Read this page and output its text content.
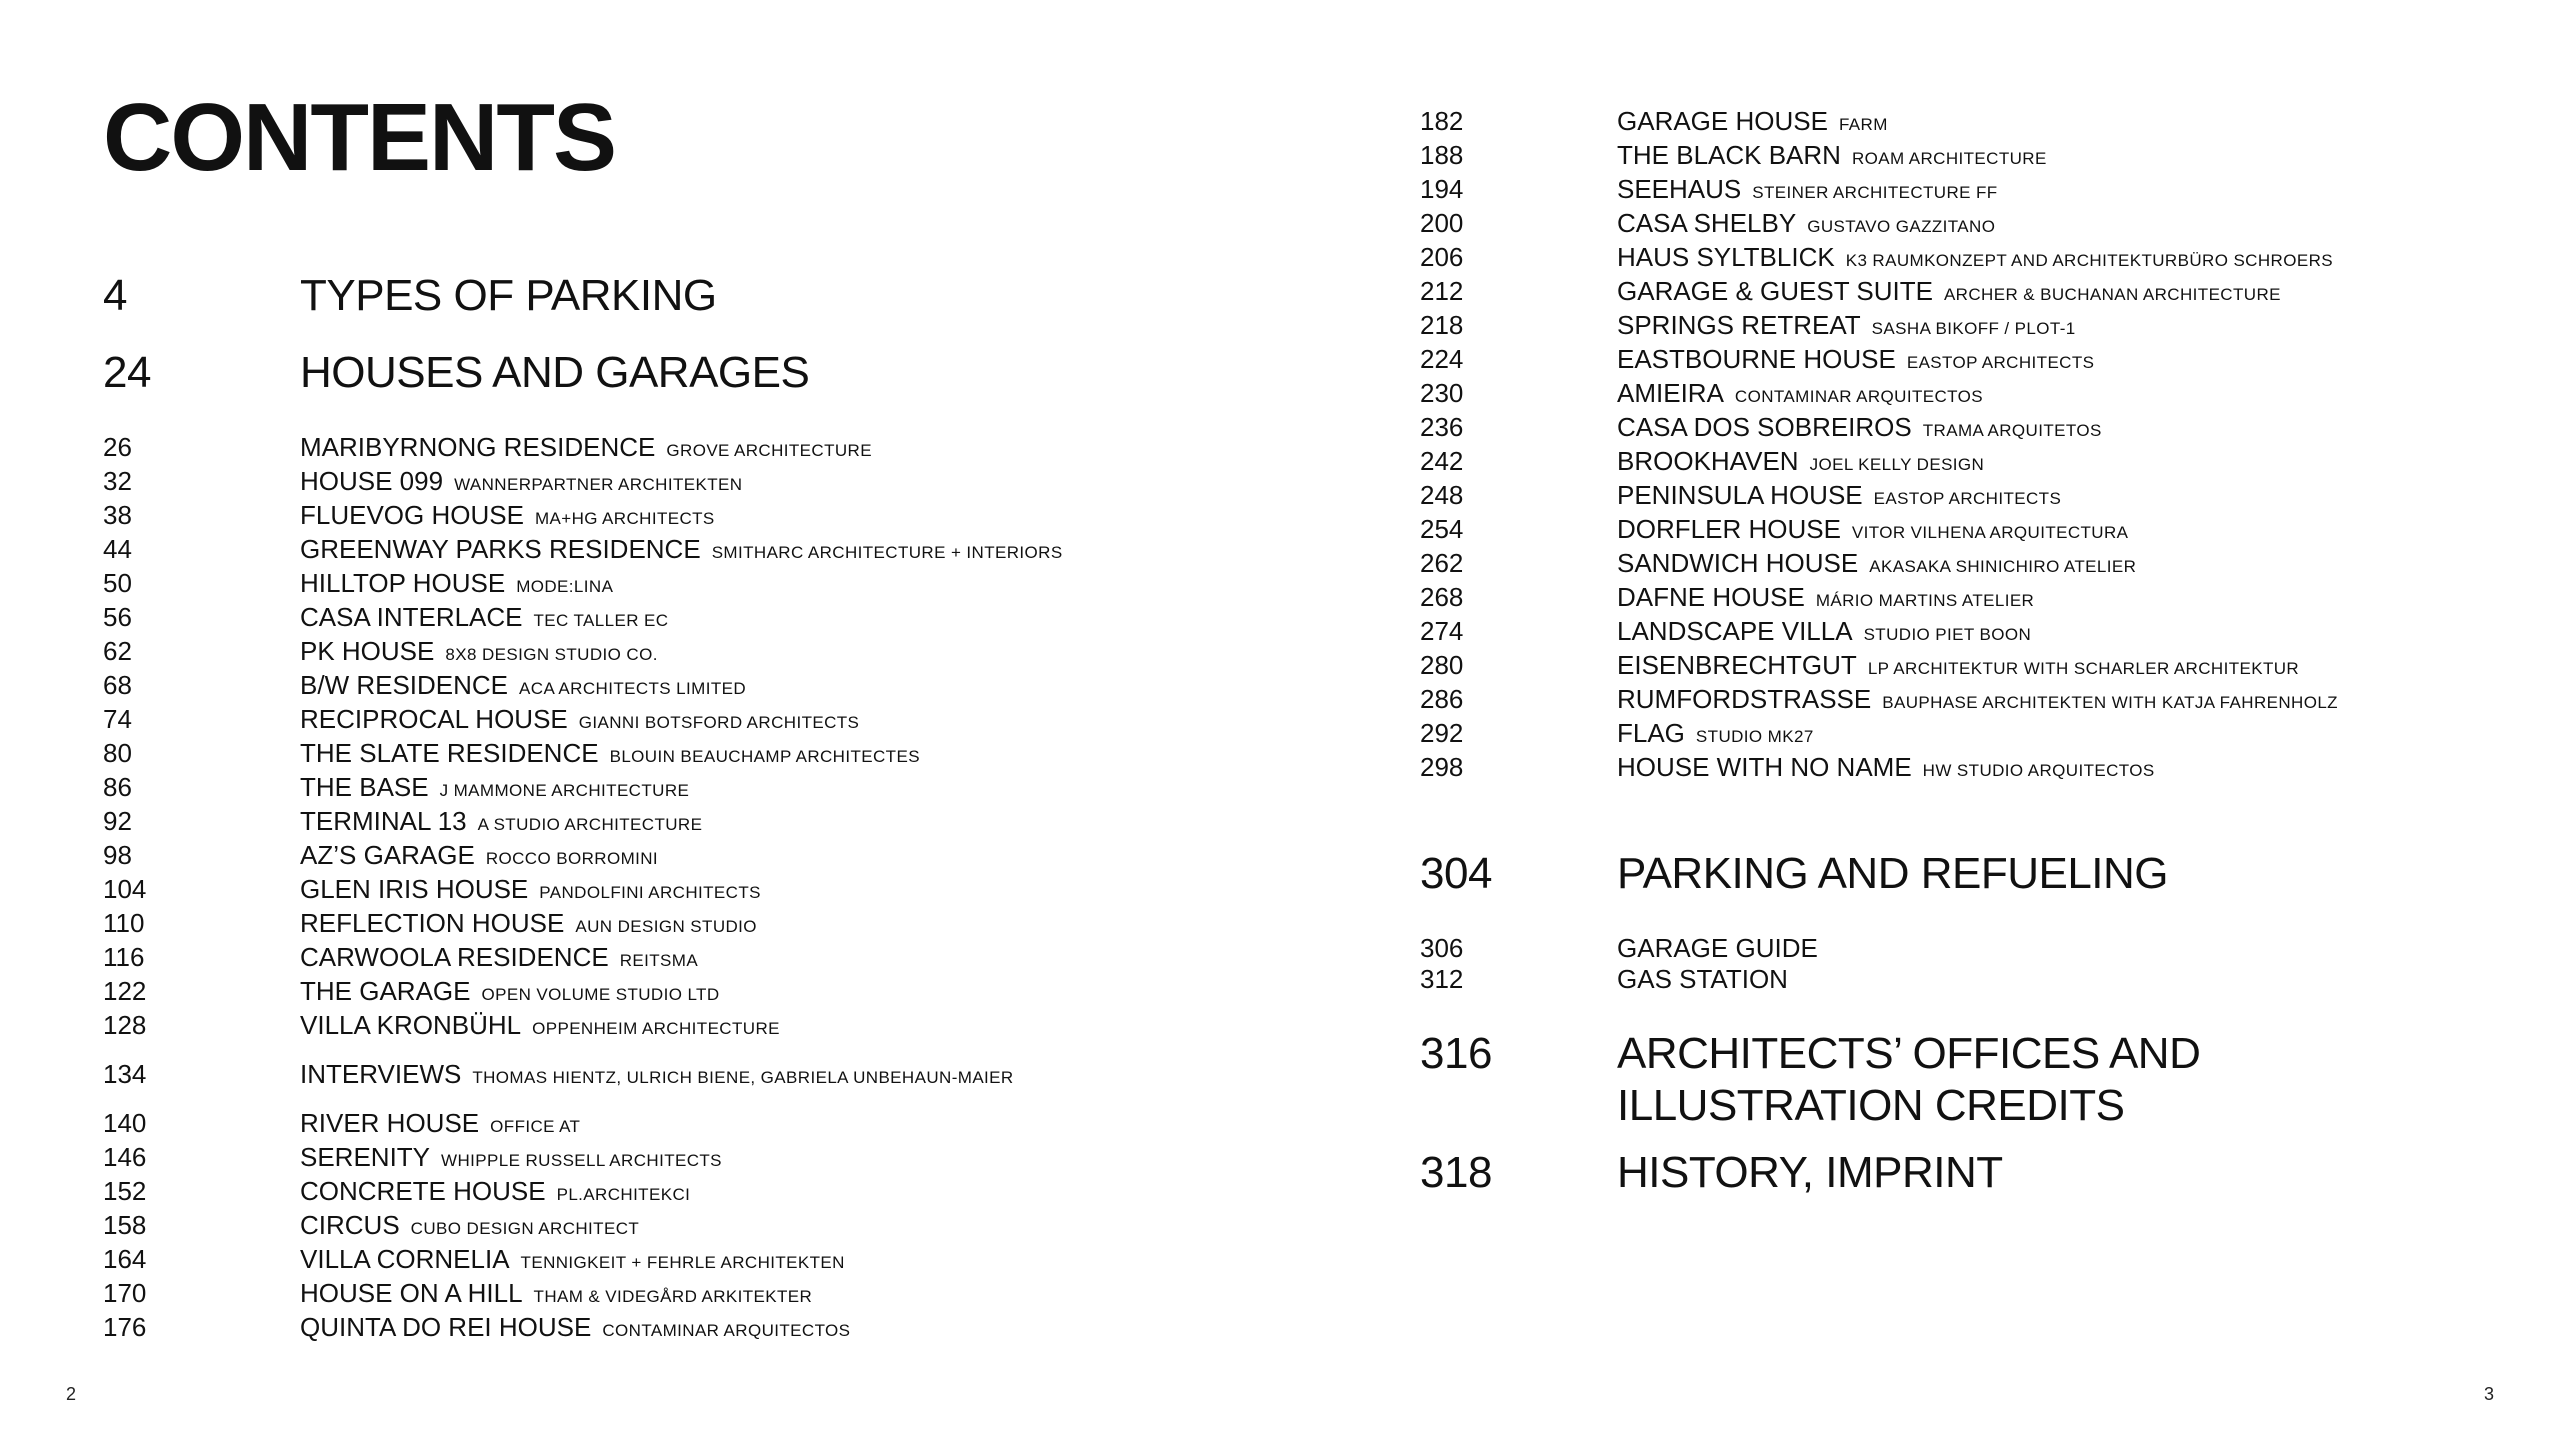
CONTENTS
4	TYPES OF PARKING
24	HOUSES AND GARAGES
26	MARIBYRNONG RESIDENCE GROVE ARCHITECTURE
32	HOUSE 099 WANNERPARTNER ARCHITEKTEN
38	FLUEVOG HOUSE MA+HG ARCHITECTS
44	GREENWAY PARKS RESIDENCE SMITHARC ARCHITECTURE + INTERIORS
50	HILLTOP HOUSE MODE:LINA
56	CASA INTERLACE TEC TALLER EC
62	PK HOUSE 8X8 DESIGN STUDIO CO.
68	B/W RESIDENCE ACA ARCHITECTS LIMITED
74	RECIPROCAL HOUSE GIANNI BOTSFORD ARCHITECTS
80	THE SLATE RESIDENCE BLOUIN BEAUCHAMP ARCHITECTES
86	THE BASE J MAMMONE ARCHITECTURE
92	TERMINAL 13 A STUDIO ARCHITECTURE
98	AZ’S GARAGE ROCCO BORROMINI
104	GLEN IRIS HOUSE PANDOLFINI ARCHITECTS
110	REFLECTION HOUSE AUN DESIGN STUDIO
116	CARWOOLA RESIDENCE REITSMA
122	THE GARAGE OPEN VOLUME STUDIO LTD
128	VILLA KRONBÜHL OPPENHEIM ARCHITECTURE
134	INTERVIEWS THOMAS HIENTZ, ULRICH BIENE, GABRIELA UNBEHAUN-MAIER
140	RIVER HOUSE OFFICE AT
146	SERENITY WHIPPLE RUSSELL ARCHITECTS
152	CONCRETE HOUSE PL.ARCHITEKCI
158	CIRCUS CUBO DESIGN ARCHITECT
164	VILLA CORNELIA TENNIGKEIT + FEHRLE ARCHITEKTEN
170	HOUSE ON A HILL THAM & VIDEGÅRD ARKITEKTER
176	QUINTA DO REI HOUSE CONTAMINAR ARQUITECTOS
2
182	GARAGE HOUSE FARM
188	THE BLACK BARN ROAM ARCHITECTURE
194	SEEHAUS STEINER ARCHITECTURE FF
200	CASA SHELBY GUSTAVO GAZZITANO
206	HAUS SYLTBLICK K3 RAUMKONZEPT AND ARCHITEKTURBÜRO SCHROERS
212	GARAGE & GUEST SUITE ARCHER & BUCHANAN ARCHITECTURE
218	SPRINGS RETREAT SASHA BIKOFF / PLOT-1
224	EASTBOURNE HOUSE EASTOP ARCHITECTS
230	AMIEIRA CONTAMINAR ARQUITECTOS
236	CASA DOS SOBREIROS TRAMA ARQUITETOS
242	BROOKHAVEN JOEL KELLY DESIGN
248	PENINSULA HOUSE EASTOP ARCHITECTS
254	DORFLER HOUSE VITOR VILHENA ARQUITECTURA
262	SANDWICH HOUSE AKASAKA SHINICHIRO ATELIER
268	DAFNE HOUSE MÁRIO MARTINS ATELIER
274	LANDSCAPE VILLA STUDIO PIET BOON
280	EISENBRECHTGUT LP ARCHITEKTUR WITH SCHARLER ARCHITEKTUR
286	RUMFORDSTRASSE BAUPHASE ARCHITEKTEN WITH KATJA FAHRENHOLZ
292	FLAG STUDIO MK27
298	HOUSE WITH NO NAME HW STUDIO ARQUITECTOS
304	PARKING AND REFUELING
306	GARAGE GUIDE
312	GAS STATION
316	ARCHITECTS’ OFFICES AND
ILLUSTRATION CREDITS
318	HISTORY, IMPRINT
3
